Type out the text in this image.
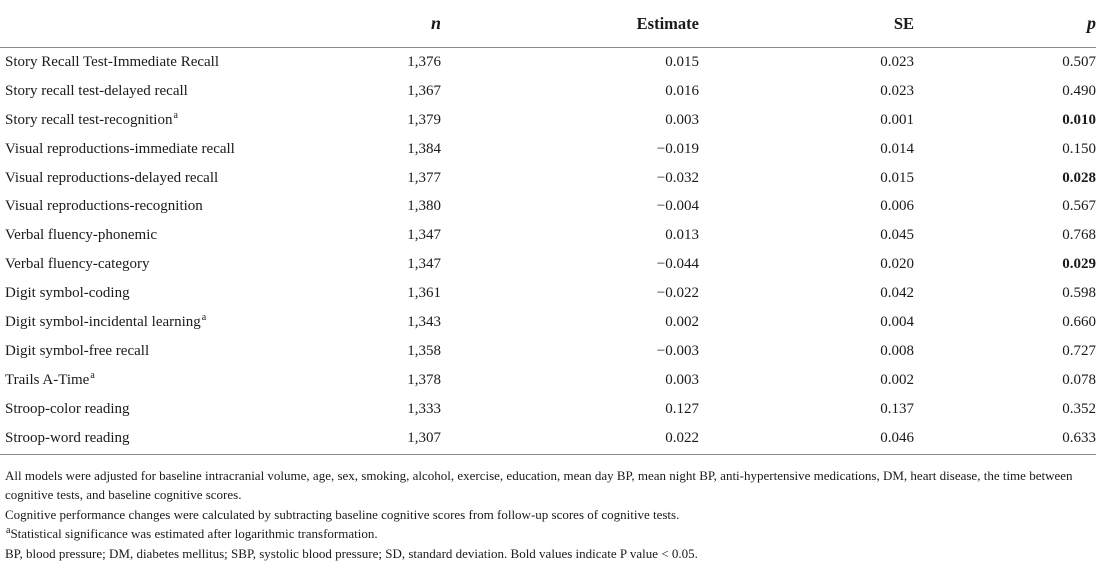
	n	Estimate	SE	p
Story Recall Test-Immediate Recall	1,376	0.015	0.023	0.507
Story recall test-delayed recall	1,367	0.016	0.023	0.490
Story recall test-recognition$^a$	1,379	0.003	0.001	0.010
Visual reproductions-immediate recall	1,384	−0.019	0.014	0.150
Visual reproductions-delayed recall	1,377	−0.032	0.015	0.028
Visual reproductions-recognition	1,380	−0.004	0.006	0.567
Verbal fluency-phonemic	1,347	0.013	0.045	0.768
Verbal fluency-category	1,347	−0.044	0.020	0.029
Digit symbol-coding	1,361	−0.022	0.042	0.598
Digit symbol-incidental learning$^a$	1,343	0.002	0.004	0.660
Digit symbol-free recall	1,358	−0.003	0.008	0.727
Trails A-Time$^a$	1,378	0.003	0.002	0.078
Stroop-color reading	1,333	0.127	0.137	0.352
Stroop-word reading	1,307	0.022	0.046	0.633

All models were adjusted for baseline intracranial volume, age, sex, smoking, alcohol, exercise, education, mean day BP, mean night BP, anti-hypertensive medications, DM, heart disease, the time between cognitive tests, and baseline cognitive scores.

Cognitive performance changes were calculated by subtracting baseline cognitive scores from follow-up scores of cognitive tests.

$^a$Statistical significance was estimated after logarithmic transformation.

BP, blood pressure; DM, diabetes mellitus; SBP, systolic blood pressure; SD, standard deviation. Bold values indicate P value < 0.05.
